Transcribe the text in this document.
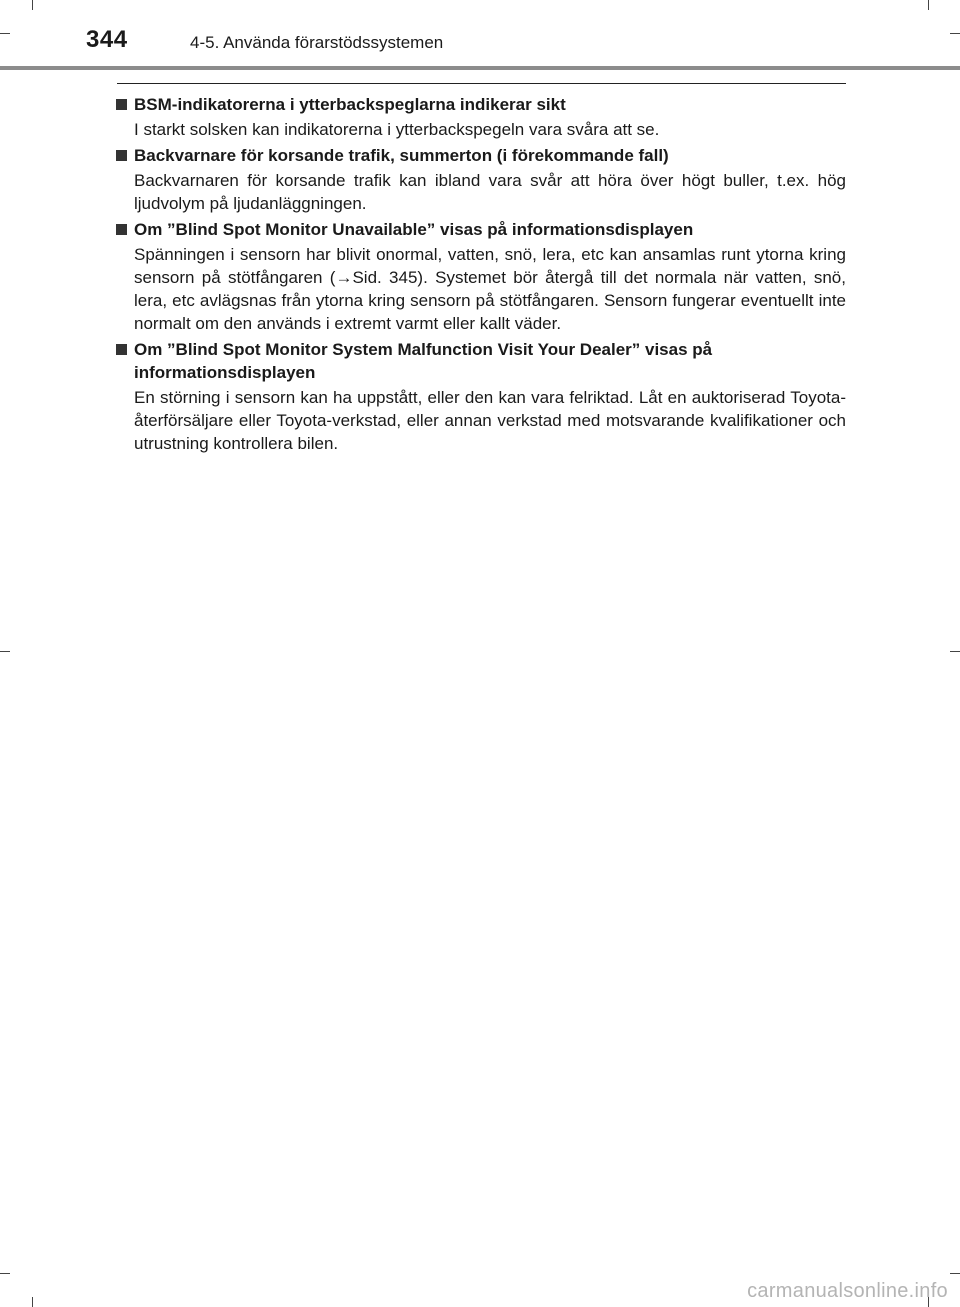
344	4-5. Använda förarstödssystemen
BSM-indikatorerna i ytterbackspeglarna indikerar sikt
I starkt solsken kan indikatorerna i ytterbackspegeln vara svåra att se.
Backvarnare för korsande trafik, summerton (i förekommande fall)
Backvarnaren för korsande trafik kan ibland vara svår att höra över högt buller, t.ex. hög ljudvolym på ljudanläggningen.
Om ”Blind Spot Monitor Unavailable” visas på informationsdisplayen
Spänningen i sensorn har blivit onormal, vatten, snö, lera, etc kan ansamlas runt ytorna kring sensorn på stötfångaren (→Sid. 345). Systemet bör återgå till det normala när vatten, snö, lera, etc avlägsnas från ytorna kring sensorn på stötfångaren. Sensorn fungerar eventuellt inte normalt om den används i extremt varmt eller kallt väder.
Om ”Blind Spot Monitor System Malfunction Visit Your Dealer” visas på informationsdisplayen
En störning i sensorn kan ha uppstått, eller den kan vara felriktad. Låt en auktoriserad Toyota-återförsäljare eller Toyota-verkstad, eller annan verkstad med motsvarande kvalifikationer och utrustning kontrollera bilen.
carmanualsonline.info
